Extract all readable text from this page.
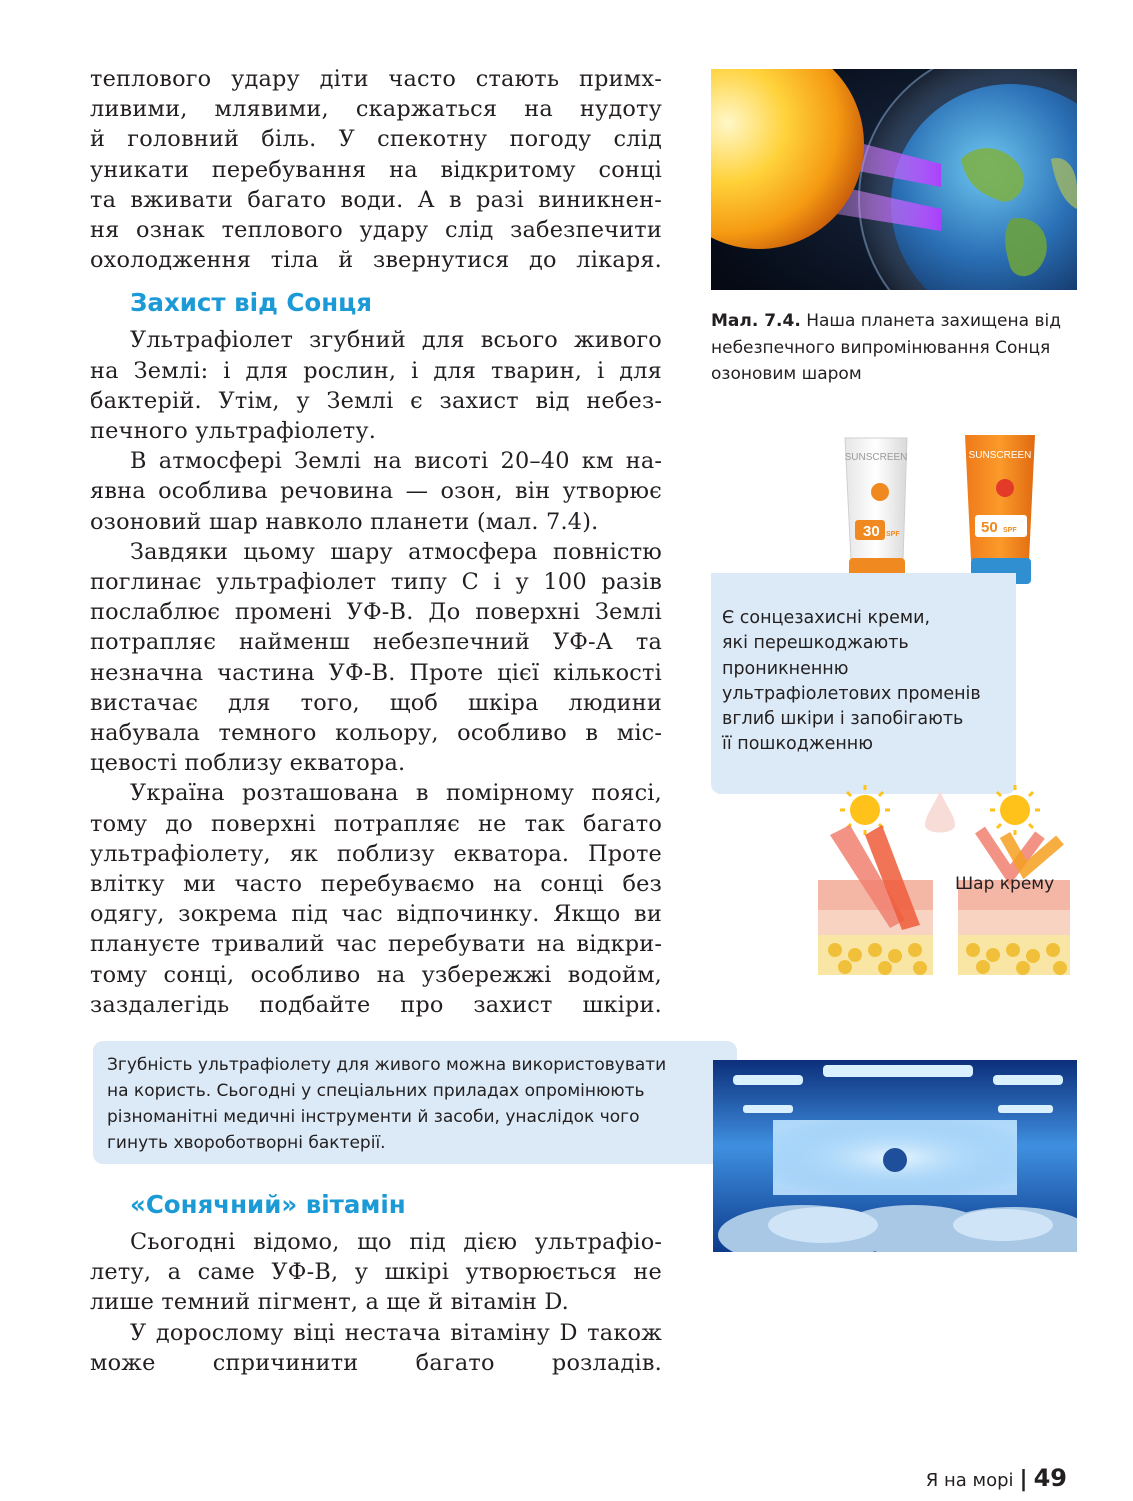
теплового удару діти часто стають примх-

ливими, млявими, скаржаться на нудоту

й головний біль. У спекотну погоду слід

уникати перебування на відкритому сонці

та вживати багато води. А в разі виникнен-

ня ознак теплового удару слід забезпечити

охолодження тіла й звернутися до лікаря.

Захист від Сонця

Ультрафіолет згубний для всього живого на Землі: і для рослин, і для тварин, і для бактерій. Утім, у Землі є захист від небезпечного ультрафіолету.

В атмосфері Землі на висоті 20–40 км наявна особлива речовина — озон, він утворює озоновий шар навколо планети (мал. 7.4).

Завдяки цьому шару атмосфера повністю поглинає ультрафіолет типу С і у 100 разів послаблює промені УФ-В. До поверхні Землі потрапляє найменш небезпечний УФ-А та незначна частина УФ-В. Проте цієї кількості вистачає для того, щоб шкіра людини набувала темного кольору, особливо в місцевості поблизу екватора.

Україна розташована в помірному поясі, тому до поверхні потрапляє не так багато ультрафіолету, як поблизу екватора. Проте влітку ми часто перебуваємо на сонці без одягу, зокрема під час відпочинку. Якщо ви плануєте тривалий час перебувати на відкритому сонці, особливо на узбережжі водойм, заздалегідь подбайте про захист шкіри.

«Сонячний» вітамін

Сьогодні відомо, що під дією ультрафіолету, а саме УФ-В, у шкірі утворюється не лише темний пігмент, а ще й вітамін D.

У дорослому віці нестача вітаміну D також може спричинити багато розладів.

Мал. 7.4. Наша планета захищена від небезпечного випромінювання Сонця озоновим шаром
SUNSCREEN
30 SPF
SUNSCREEN
50 SPF
Є сонцезахисні креми,
які перешкоджають
проникненню
ультрафіолетових променів
вглиб шкіри і запобігають
її пошкодженню
Шар крему
Згубність ультрафіолету для живого можна використовувати
на користь. Сьогодні у спеціальних приладах опромінюють
різноманітні медичні інструменти й засоби, унаслідок чого
гинуть хвороботворні бактерії.
Я на морі | 49
